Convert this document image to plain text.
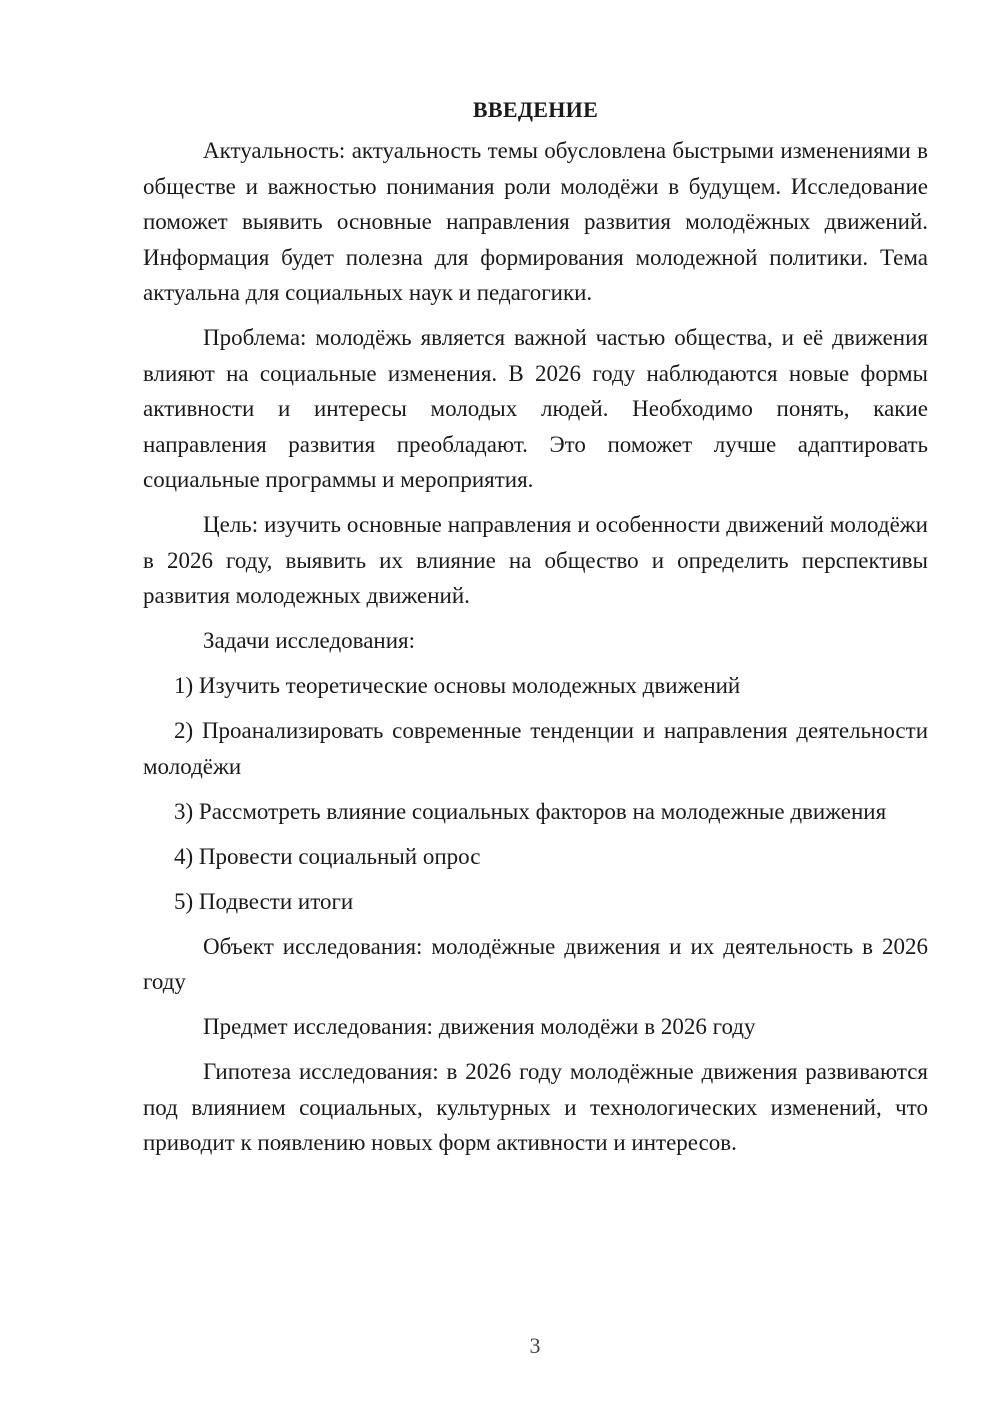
ВВЕДЕНИЕ

Актуальность: актуальность темы обусловлена быстрыми изменениями в обществе и важностью понимания роли молодёжи в будущем. Исследование поможет выявить основные направления развития молодёжных движений. Информация будет полезна для формирования молодежной политики. Тема актуальна для социальных наук и педагогики.

Проблема: молодёжь является важной частью общества, и её движения влияют на социальные изменения. В 2026 году наблюдаются новые формы активности и интересы молодых людей. Необходимо понять, какие направления развития преобладают. Это поможет лучше адаптировать социальные программы и мероприятия.

Цель: изучить основные направления и особенности движений молодёжи в 2026 году, выявить их влияние на общество и определить перспективы развития молодежных движений.

Задачи исследования:

1) Изучить теоретические основы молодежных движений

2) Проанализировать современные тенденции и направления деятельности молодёжи

3) Рассмотреть влияние социальных факторов на молодежные движения

4) Провести социальный опрос

5) Подвести итоги

Объект исследования: молодёжные движения и их деятельность в 2026 году

Предмет исследования: движения молодёжи в 2026 году

Гипотеза исследования: в 2026 году молодёжные движения развиваются под влиянием социальных, культурных и технологических изменений, что приводит к появлению новых форм активности и интересов.

3
